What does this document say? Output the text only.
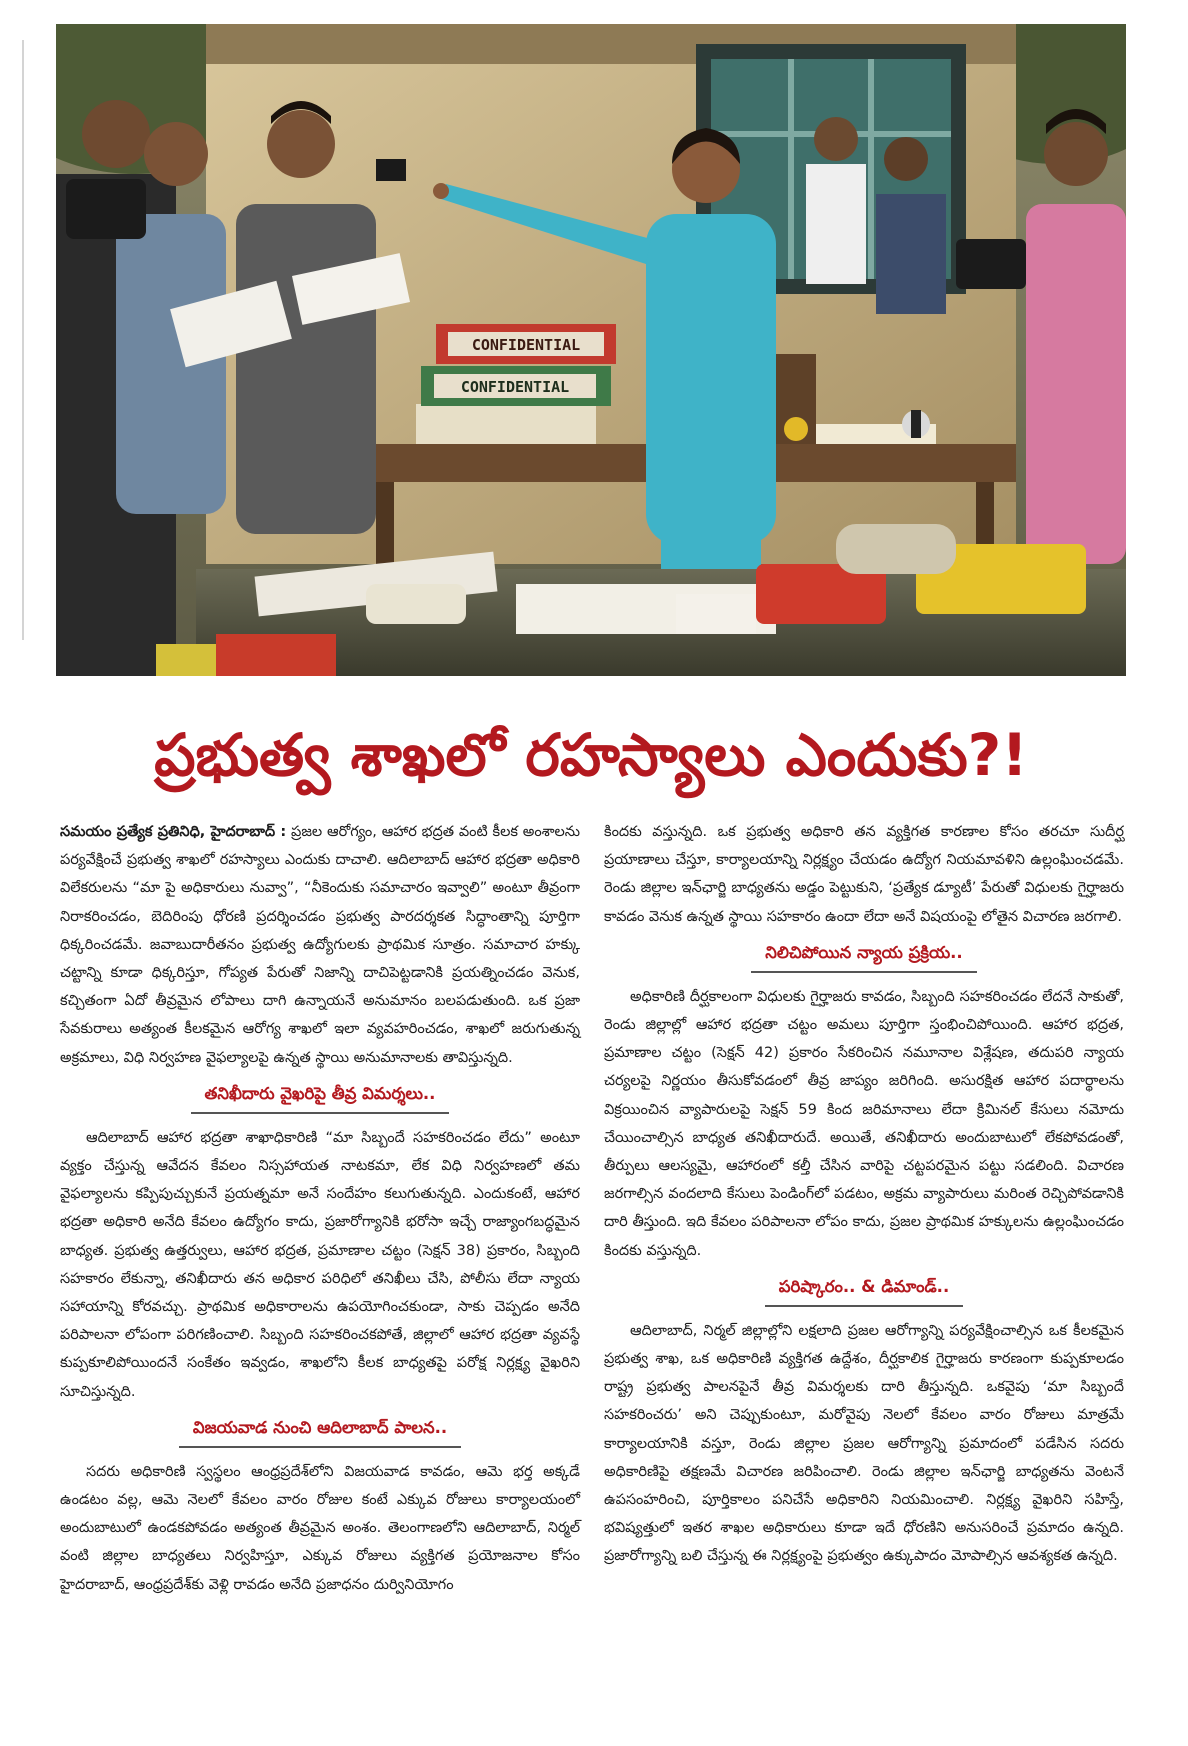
CONFIDENTIAL
CONFIDENTIAL
ప్రభుత్వ శాఖలో రహస్యాలు ఎందుకు?!

సమయం ప్రత్యేక ప్రతినిధి, హైదరాబాద్ : ప్రజల ఆరోగ్యం, ఆహార భద్రత వంటి కీలక అంశాలను పర్యవేక్షించే ప్రభుత్వ శాఖలో రహస్యాలు ఎందుకు దాచాలి. ఆదిలాబాద్ ఆహార భద్రతా అధికారి విలేకరులను “మా పై అధికారులు నువ్వా”, “నీకెందుకు సమాచారం ఇవ్వాలి” అంటూ తీవ్రంగా నిరాకరించడం, బెదిరింపు ధోరణి ప్రదర్శించడం ప్రభుత్వ పారదర్శకత సిద్ధాంతాన్ని పూర్తిగా ధిక్కరించడమే. జవాబుదారీతనం ప్రభుత్వ ఉద్యోగులకు ప్రాథమిక సూత్రం. సమాచార హక్కు చట్టాన్ని కూడా ధిక్కరిస్తూ, గోప్యత పేరుతో నిజాన్ని దాచిపెట్టడానికి ప్రయత్నించడం వెనుక, కచ్చితంగా ఏదో తీవ్రమైన లోపాలు దాగి ఉన్నాయనే అనుమానం బలపడుతుంది. ఒక ప్రజా సేవకురాలు అత్యంత కీలకమైన ఆరోగ్య శాఖలో ఇలా వ్యవహరించడం, శాఖలో జరుగుతున్న అక్రమాలు, విధి నిర్వహణ వైఫల్యాలపై ఉన్నత స్థాయి అనుమానాలకు తావిస్తున్నది.

తనిఖీదారు వైఖరిపై తీవ్ర విమర్శలు..

ఆదిలాబాద్ ఆహార భద్రతా శాఖాధికారిణి “మా సిబ్బందే సహకరించడం లేదు” అంటూ వ్యక్తం చేస్తున్న ఆవేదన కేవలం నిస్సహాయత నాటకమా, లేక విధి నిర్వహణలో తమ వైఫల్యాలను కప్పిపుచ్చుకునే ప్రయత్నమా అనే సందేహం కలుగుతున్నది. ఎందుకంటే, ఆహార భద్రతా అధికారి అనేది కేవలం ఉద్యోగం కాదు, ప్రజారోగ్యానికి భరోసా ఇచ్చే రాజ్యాంగబద్ధమైన బాధ్యత. ప్రభుత్వ ఉత్తర్వులు, ఆహార భద్రత, ప్రమాణాల చట్టం (సెక్షన్ 38) ప్రకారం, సిబ్బంది సహకారం లేకున్నా, తనిఖీదారు తన అధికార పరిధిలో తనిఖీలు చేసి, పోలీసు లేదా న్యాయ సహాయాన్ని కోరవచ్చు. ప్రాథమిక అధికారాలను ఉపయోగించకుండా, సాకు చెప్పడం అనేది పరిపాలనా లోపంగా పరిగణించాలి. సిబ్బంది సహకరించకపోతే, జిల్లాలో ఆహార భద్రతా వ్యవస్థే కుప్పకూలిపోయిందనే సంకేతం ఇవ్వడం, శాఖలోని కీలక బాధ్యతపై పరోక్ష నిర్లక్ష్య వైఖరిని సూచిస్తున్నది.

విజయవాడ నుంచి ఆదిలాబాద్ పాలన..

సదరు అధికారిణి స్వస్థలం ఆంధ్రప్రదేశ్‌లోని విజయవాడ కావడం, ఆమె భర్త అక్కడే ఉండటం వల్ల, ఆమె నెలలో కేవలం వారం రోజుల కంటే ఎక్కువ రోజులు కార్యాలయంలో అందుబాటులో ఉండకపోవడం అత్యంత తీవ్రమైన అంశం. తెలంగాణలోని ఆదిలాబాద్, నిర్మల్ వంటి జిల్లాల బాధ్యతలు నిర్వహిస్తూ, ఎక్కువ రోజులు వ్యక్తిగత ప్రయోజనాల కోసం హైదరాబాద్, ఆంధ్రప్రదేశ్‌కు వెళ్లి రావడం అనేది ప్రజాధనం దుర్వినియోగం

కిందకు వస్తున్నది. ఒక ప్రభుత్వ అధికారి తన వ్యక్తిగత కారణాల కోసం తరచూ సుదీర్ఘ ప్రయాణాలు చేస్తూ, కార్యాలయాన్ని నిర్లక్ష్యం చేయడం ఉద్యోగ నియమావళిని ఉల్లంఘించడమే. రెండు జిల్లాల ఇన్‌ఛార్జి బాధ్యతను అడ్డం పెట్టుకుని, ‘ప్రత్యేక డ్యూటీ’ పేరుతో విధులకు గైర్హాజరు కావడం వెనుక ఉన్నత స్థాయి సహకారం ఉందా లేదా అనే విషయంపై లోతైన విచారణ జరగాలి.

నిలిచిపోయిన న్యాయ ప్రక్రియ..

అధికారిణి దీర్ఘకాలంగా విధులకు గైర్హాజరు కావడం, సిబ్బంది సహకరించడం లేదనే సాకుతో, రెండు జిల్లాల్లో ఆహార భద్రతా చట్టం అమలు పూర్తిగా స్తంభించిపోయింది. ఆహార భద్రత, ప్రమాణాల చట్టం (సెక్షన్ 42) ప్రకారం సేకరించిన నమూనాల విశ్లేషణ, తదుపరి న్యాయ చర్యలపై నిర్ణయం తీసుకోవడంలో తీవ్ర జాప్యం జరిగింది. అసురక్షిత ఆహార పదార్థాలను విక్రయించిన వ్యాపారులపై సెక్షన్ 59 కింద జరిమానాలు లేదా క్రిమినల్ కేసులు నమోదు చేయించాల్సిన బాధ్యత తనిఖీదారుదే. అయితే, తనిఖీదారు అందుబాటులో లేకపోవడంతో, తీర్పులు ఆలస్యమై, ఆహారంలో కల్తీ చేసిన వారిపై చట్టపరమైన పట్టు సడలింది. విచారణ జరగాల్సిన వందలాది కేసులు పెండింగ్‌లో పడటం, అక్రమ వ్యాపారులు మరింత రెచ్చిపోవడానికి దారి తీస్తుంది. ఇది కేవలం పరిపాలనా లోపం కాదు, ప్రజల ప్రాథమిక హక్కులను ఉల్లంఘించడం కిందకు వస్తున్నది.

పరిష్కారం.. & డిమాండ్..

ఆదిలాబాద్, నిర్మల్ జిల్లాల్లోని లక్షలాది ప్రజల ఆరోగ్యాన్ని పర్యవేక్షించాల్సిన ఒక కీలకమైన ప్రభుత్వ శాఖ, ఒక అధికారిణి వ్యక్తిగత ఉద్దేశం, దీర్ఘకాలిక గైర్హాజరు కారణంగా కుప్పకూలడం రాష్ట్ర ప్రభుత్వ పాలనపైనే తీవ్ర విమర్శలకు దారి తీస్తున్నది. ఒకవైపు ‘మా సిబ్బందే సహకరించరు’ అని చెప్పుకుంటూ, మరోవైపు నెలలో కేవలం వారం రోజులు మాత్రమే కార్యాలయానికి వస్తూ, రెండు జిల్లాల ప్రజల ఆరోగ్యాన్ని ప్రమాదంలో పడేసిన సదరు అధికారిణిపై తక్షణమే విచారణ జరిపించాలి. రెండు జిల్లాల ఇన్‌ఛార్జి బాధ్యతను వెంటనే ఉపసంహరించి, పూర్తికాలం పనిచేసే అధికారిని నియమించాలి. నిర్లక్ష్య వైఖరిని సహిస్తే, భవిష్యత్తులో ఇతర శాఖల అధికారులు కూడా ఇదే ధోరణిని అనుసరించే ప్రమాదం ఉన్నది. ప్రజారోగ్యాన్ని బలి చేస్తున్న ఈ నిర్లక్ష్యంపై ప్రభుత్వం ఉక్కుపాదం మోపాల్సిన ఆవశ్యకత ఉన్నది.
